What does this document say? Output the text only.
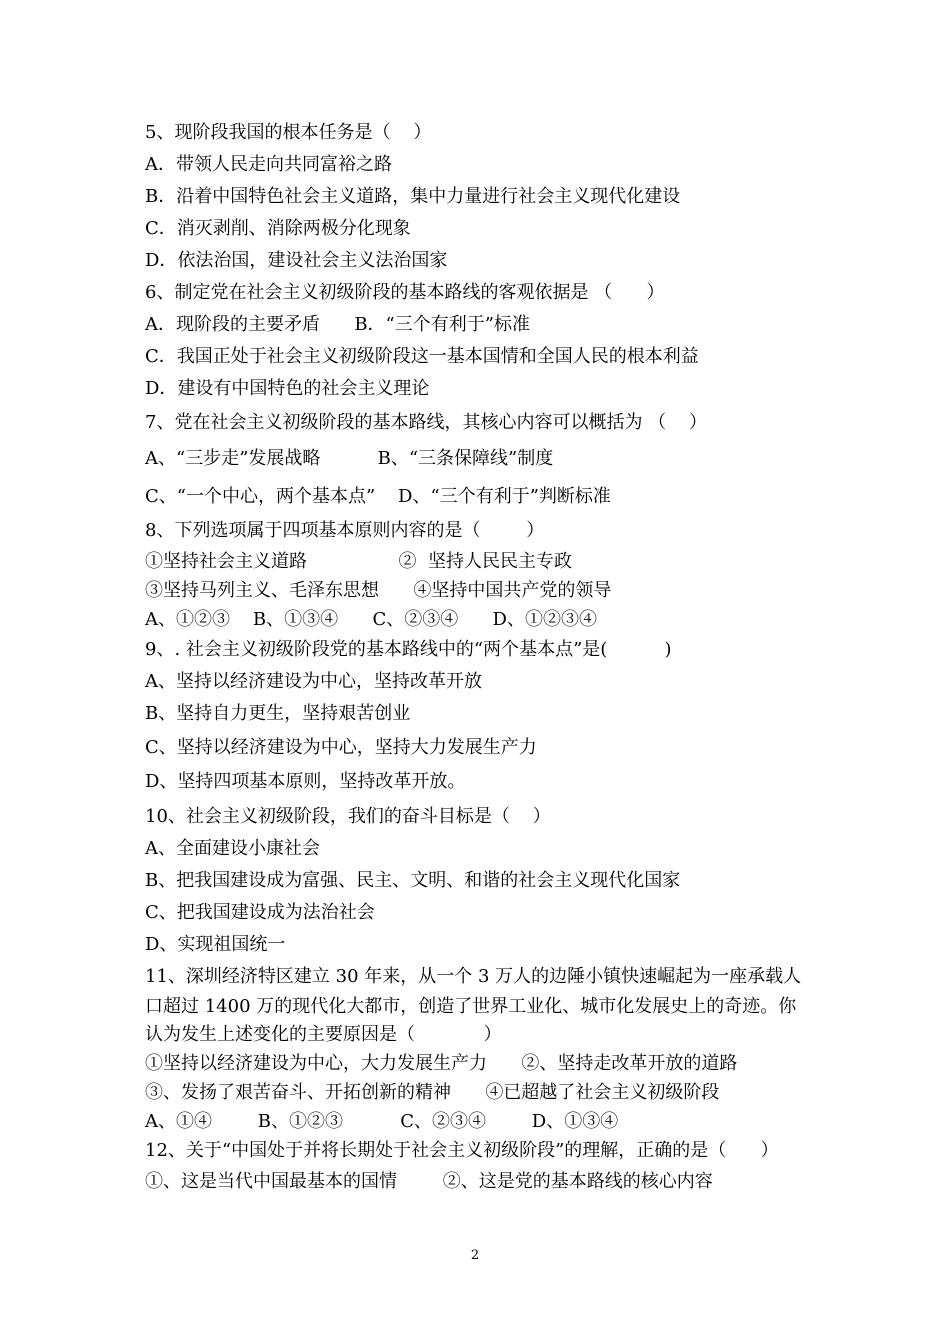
5、现阶段我国的根本任务是（    ）
A．带领人民走向共同富裕之路
B．沿着中国特色社会主义道路，集中力量进行社会主义现代化建设
C．消灭剥削、消除两极分化现象
D．依法治国，建设社会主义法治国家
6、制定党在社会主义初级阶段的基本路线的客观依据是 （      ）
A．现阶段的主要矛盾      B．“三个有利于”标准
C．我国正处于社会主义初级阶段这一基本国情和全国人民的根本利益
D．建设有中国特色的社会主义理论
7、党在社会主义初级阶段的基本路线，其核心内容可以概括为 （    ）
A、“三步走”发展战略          B、“三条保障线”制度
C、“一个中心，两个基本点”    D、“三个有利于”判断标准
8、下列选项属于四项基本原则内容的是（        ）
①坚持社会主义道路                ②  坚持人民民主专政
③坚持马列主义、毛泽东思想      ④坚持中国共产党的领导
A、①②③    B、①③④      C、②③④      D、①②③④
9、. 社会主义初级阶段党的基本路线中的“两个基本点”是(          )
A、坚持以经济建设为中心，坚持改革开放
B、坚持自力更生，坚持艰苦创业
C、坚持以经济建设为中心，坚持大力发展生产力
D、坚持四项基本原则，坚持改革开放。
10、社会主义初级阶段，我们的奋斗目标是（    ）
A、全面建设小康社会
B、把我国建设成为富强、民主、文明、和谐的社会主义现代化国家
C、把我国建设成为法治社会
D、实现祖国统一
11、深圳经济特区建立 30 年来，从一个 3 万人的边陲小镇快速崛起为一座承载人
口超过 1400 万的现代化大都市，创造了世界工业化、城市化发展史上的奇迹。你
认为发生上述变化的主要原因是（            ）
①坚持以经济建设为中心，大力发展生产力      ②、坚持走改革开放的道路
③、发扬了艰苦奋斗、开拓创新的精神      ④已超越了社会主义初级阶段
A、①④        B、①②③          C、②③④        D、①③④
12、关于“中国处于并将长期处于社会主义初级阶段”的理解，正确的是（      ）
①、这是当代中国最基本的国情        ②、这是党的基本路线的核心内容
2
